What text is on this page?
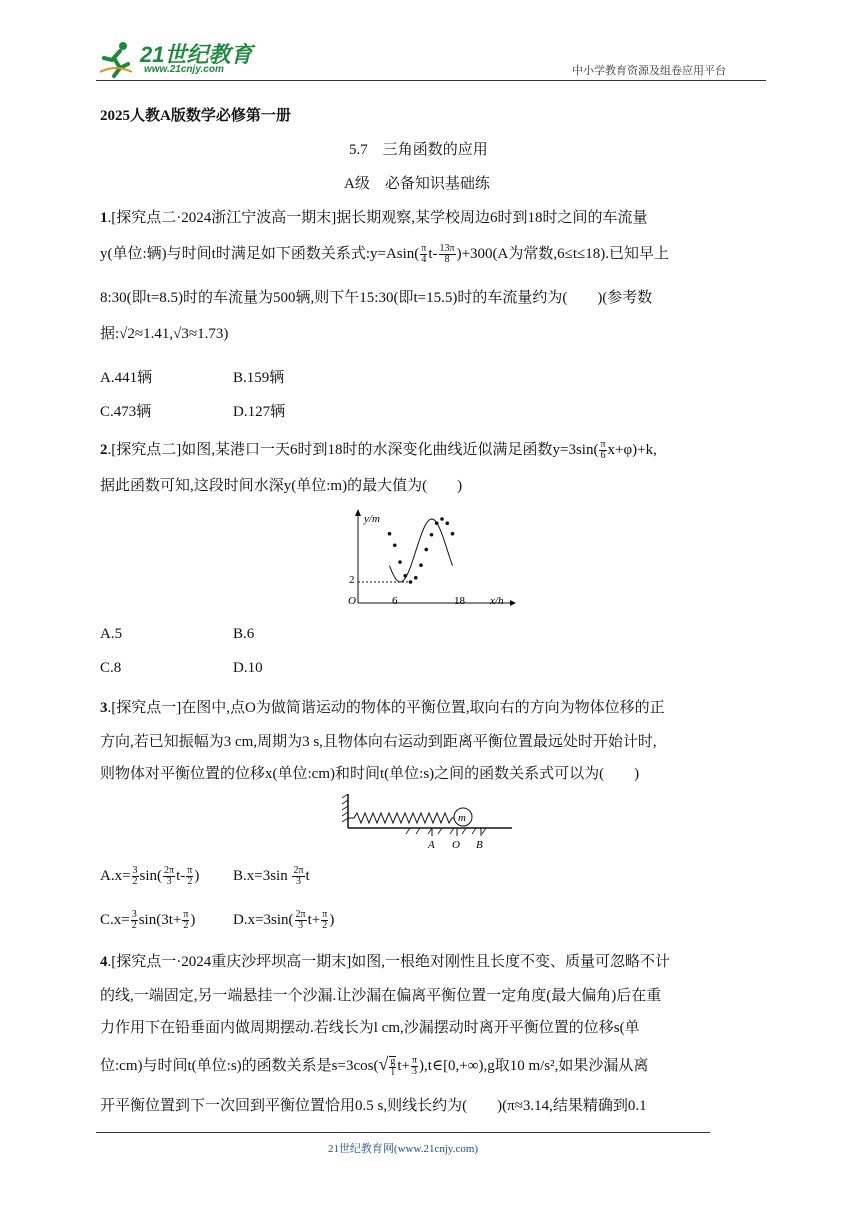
21世纪教育
www.21cnjy.com	中小学教育资源及组卷应用平台
2025人教A版数学必修第一册
5.7　三角函数的应用
A级　必备知识基础练
1.[探究点二·2024浙江宁波高一期末]据长期观察,某学校周边6时到18时之间的车流量
y(单位:辆)与时间t时满足如下函数关系式:y=Asin( $\frac{\pi}{4} t- \frac{13\pi}{8} )+300(A$为常数,6≤t≤18).已知早上
8:30(即t=8.5)时的车流量为500辆,则下午15:30(即t=15.5)时的车流量约为(　　)(参考数
据:√2≈1.41,√3≈1.73)
A.441辆	B.159辆
C.473辆	D.127辆
2.[探究点二]如图,某港口一天6时到18时的水深变化曲线近似满足函数$y=3\sin( \frac{\pi}{6} x+\varphi)+k$,
据此函数可知,这段时间水深y(单位:m)的最大值为(　　)
y/m
x/h
O
2
6	18
A.5	B.6
C.8	D.10
3.[探究点一]在图中,点O为做简谐运动的物体的平衡位置,取向右的方向为物体位移的正
方向,若已知振幅为3 cm,周期为3 s,且物体向右运动到距离平衡位置最远处时开始计时,
则物体对平衡位置的位移x(单位:cm)和时间t(单位:s)之间的函数关系式可以为(　　)
m
A O B
$A.x= \frac{3}{2} \sin( \frac{2\pi}{3} t- \frac{\pi}{2}$ ) $B.x=3\sin \frac{2\pi}{3}$ t
$C.x= \frac{3}{2} \sin(3t+ \frac{\pi}{2}$ )	$D.x=3\sin( \frac{2\pi}{3} t+ \frac{\pi}{2}$ )
4.[探究点一·2024重庆沙坪坝高一期末]如图,一根绝对刚性且长度不变、质量可忽略不计
的线,一端固定,另一端悬挂一个沙漏.让沙漏在偏离平衡位置一定角度(最大偏角)后在重
力作用下在铅垂面内做周期摆动.若线长为l cm,沙漏摆动时离开平衡位置的位移s(单
位:cm)与时间t(单位:s)的函数关系是$s=3\cos(√ \frac{g}{l} t+ \frac{\pi}{3}$ ),t∈[0,+∞),g取10 m/s²,如果沙漏从离
开平衡位置到下一次回到平衡位置恰用0.5 s,则线长约为(　　)(π≈3.14,结果精确到0.1
21世纪教育网(www.21cnjy.com)
